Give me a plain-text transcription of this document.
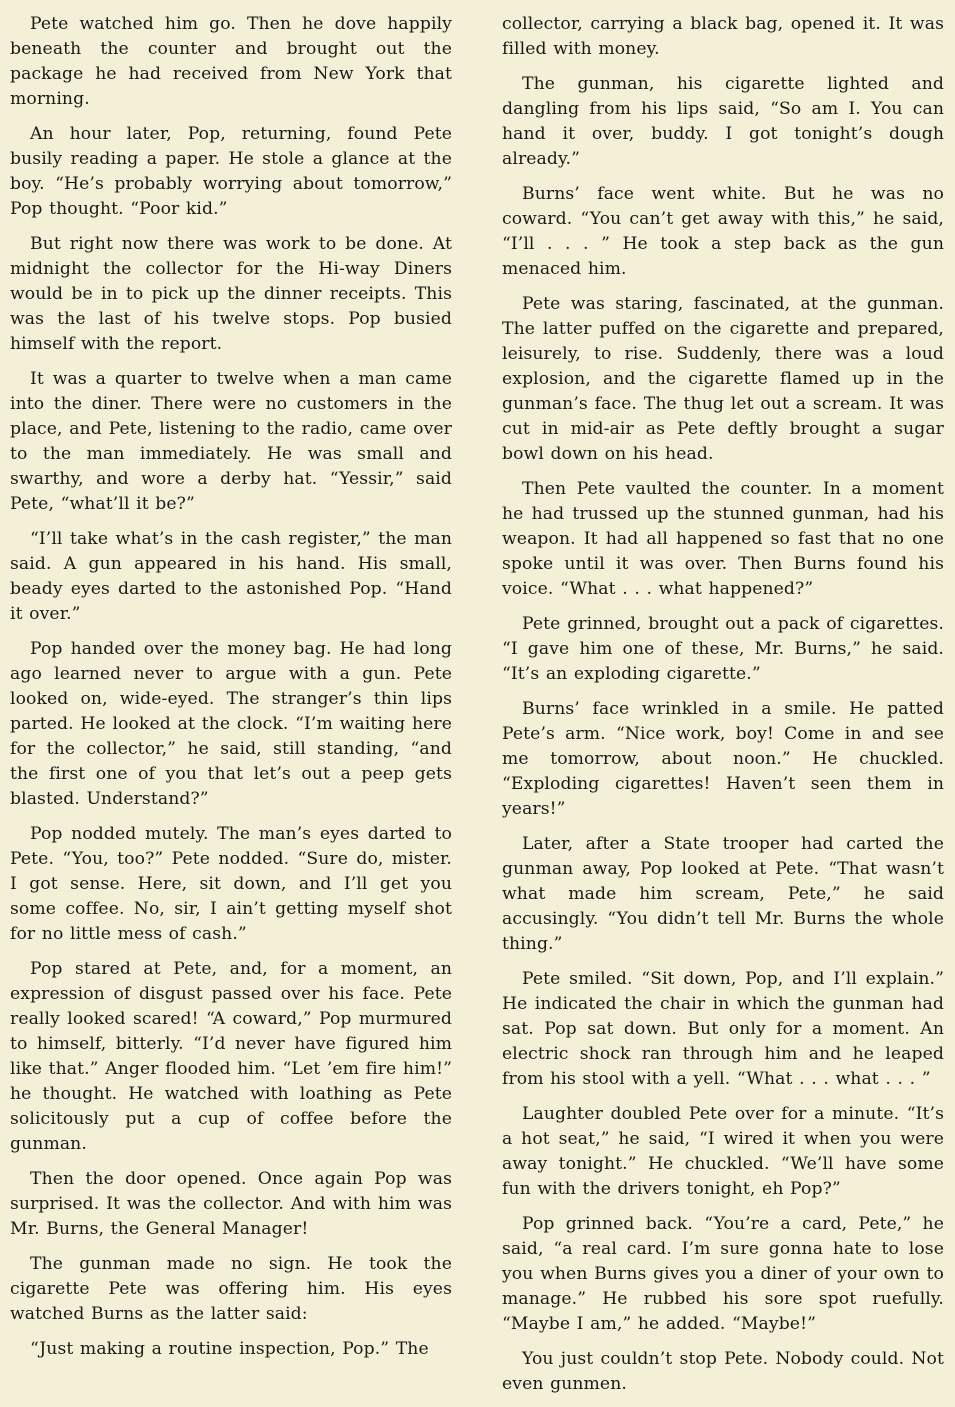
Pete watched him go. Then he dove happily beneath the counter and brought out the package he had received from New York that morning.

An hour later, Pop, returning, found Pete busily reading a paper. He stole a glance at the boy. “He’s probably worrying about tomorrow,” Pop thought. “Poor kid.”

But right now there was work to be done. At midnight the collector for the Hi-way Diners would be in to pick up the dinner receipts. This was the last of his twelve stops. Pop busied himself with the report.

It was a quarter to twelve when a man came into the diner. There were no customers in the place, and Pete, listening to the radio, came over to the man immediately. He was small and swarthy, and wore a derby hat. “Yessir,” said Pete, “what’ll it be?”

“I’ll take what’s in the cash register,” the man said. A gun appeared in his hand. His small, beady eyes darted to the astonished Pop. “Hand it over.”

Pop handed over the money bag. He had long ago learned never to argue with a gun. Pete looked on, wide-eyed. The stranger’s thin lips parted. He looked at the clock. “I’m waiting here for the collector,” he said, still standing, “and the first one of you that let’s out a peep gets blasted. Understand?”

Pop nodded mutely. The man’s eyes darted to Pete. “You, too?” Pete nodded. “Sure do, mister. I got sense. Here, sit down, and I’ll get you some coffee. No, sir, I ain’t getting myself shot for no little mess of cash.”

Pop stared at Pete, and, for a moment, an expression of disgust passed over his face. Pete really looked scared! “A coward,” Pop murmured to himself, bitterly. “I’d never have figured him like that.” Anger flooded him. “Let ’em fire him!” he thought. He watched with loathing as Pete solicitously put a cup of coffee before the gunman.

Then the door opened. Once again Pop was surprised. It was the collector. And with him was Mr. Burns, the General Manager!

The gunman made no sign. He took the cigarette Pete was offering him. His eyes watched Burns as the latter said:

“Just making a routine inspection, Pop.” The

collector, carrying a black bag, opened it. It was filled with money.

The gunman, his cigarette lighted and dangling from his lips said, “So am I. You can hand it over, buddy. I got tonight’s dough already.”

Burns’ face went white. But he was no coward. “You can’t get away with this,” he said, “I’ll . . . ” He took a step back as the gun menaced him.

Pete was staring, fascinated, at the gunman. The latter puffed on the cigarette and prepared, leisurely, to rise. Suddenly, there was a loud explosion, and the cigarette flamed up in the gunman’s face. The thug let out a scream. It was cut in mid-air as Pete deftly brought a sugar bowl down on his head.

Then Pete vaulted the counter. In a moment he had trussed up the stunned gunman, had his weapon. It had all happened so fast that no one spoke until it was over. Then Burns found his voice. “What . . . what happened?”

Pete grinned, brought out a pack of cigarettes. “I gave him one of these, Mr. Burns,” he said. “It’s an exploding cigarette.”

Burns’ face wrinkled in a smile. He patted Pete’s arm. “Nice work, boy! Come in and see me tomorrow, about noon.” He chuckled. “Exploding cigarettes! Haven’t seen them in years!”

Later, after a State trooper had carted the gunman away, Pop looked at Pete. “That wasn’t what made him scream, Pete,” he said accusingly. “You didn’t tell Mr. Burns the whole thing.”

Pete smiled. “Sit down, Pop, and I’ll explain.” He indicated the chair in which the gunman had sat. Pop sat down. But only for a moment. An electric shock ran through him and he leaped from his stool with a yell. “What . . . what . . . ”

Laughter doubled Pete over for a minute. “It’s a hot seat,” he said, “I wired it when you were away tonight.” He chuckled. “We’ll have some fun with the drivers tonight, eh Pop?”

Pop grinned back. “You’re a card, Pete,” he said, “a real card. I’m sure gonna hate to lose you when Burns gives you a diner of your own to manage.” He rubbed his sore spot ruefully. “Maybe I am,” he added. “Maybe!”

You just couldn’t stop Pete. Nobody could. Not even gunmen.
